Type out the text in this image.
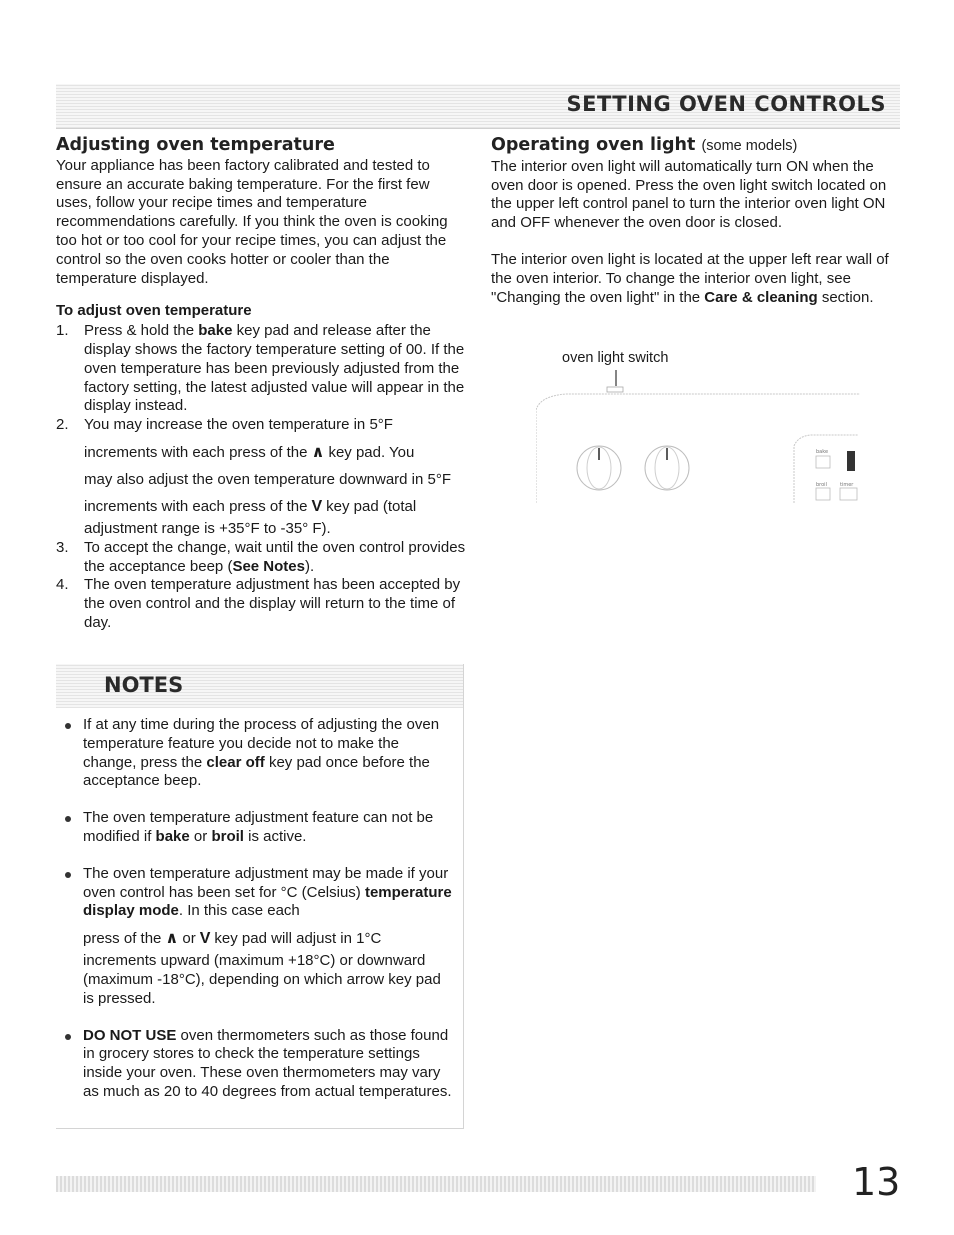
SETTING OVEN CONTROLS
Adjusting oven temperature

Your appliance has been factory calibrated and tested to ensure an accurate baking temperature. For the first few uses, follow your recipe times and temperature recommendations carefully. If you think the oven is cooking too hot or too cool for your recipe times, you can adjust the control so the oven cooks hotter or cooler than the temperature displayed.

To adjust oven temperature
1. Press & hold the bake key pad and release after the display shows the factory temperature setting of 00. If the oven temperature has been previously adjusted from the factory setting, the latest adjusted value will appear in the display instead.
2. You may increase the oven temperature in 5°F
increments with each press of the ∧ key pad. You
may also adjust the oven temperature downward in 5°F
increments with each press of the V key pad (total
adjustment range is +35°F to -35° F).
3. To accept the change, wait until the oven control provides the acceptance beep (See Notes).
4. The oven temperature adjustment has been accepted by the oven control and the display will return to the time of day.
Operating oven light (some models)

The interior oven light will automatically turn ON when the oven door is opened. Press the oven light switch located on the upper left control panel to turn the interior oven light ON and OFF whenever the oven door is closed.

The interior oven light is located at the upper left rear wall of the oven interior. To change the interior oven light, see "Changing the oven light" in the Care & cleaning section.

oven light switch
bake
broil	timer
NOTES
If at any time during the process of adjusting the oven temperature feature you decide not to make the change, press the clear off key pad once before the acceptance beep.
The oven temperature adjustment feature can not be modified if bake or broil is active.
The oven temperature adjustment may be made if your oven control has been set for °C (Celsius) temperature display mode. In this case each
press of the ∧ or V key pad will adjust in 1°C
increments upward (maximum +18°C) or downward (maximum -18°C), depending on which arrow key pad is pressed.
DO NOT USE oven thermometers such as those found in grocery stores to check the temperature settings inside your oven. These oven thermometers may vary as much as 20 to 40 degrees from actual temperatures.
13
